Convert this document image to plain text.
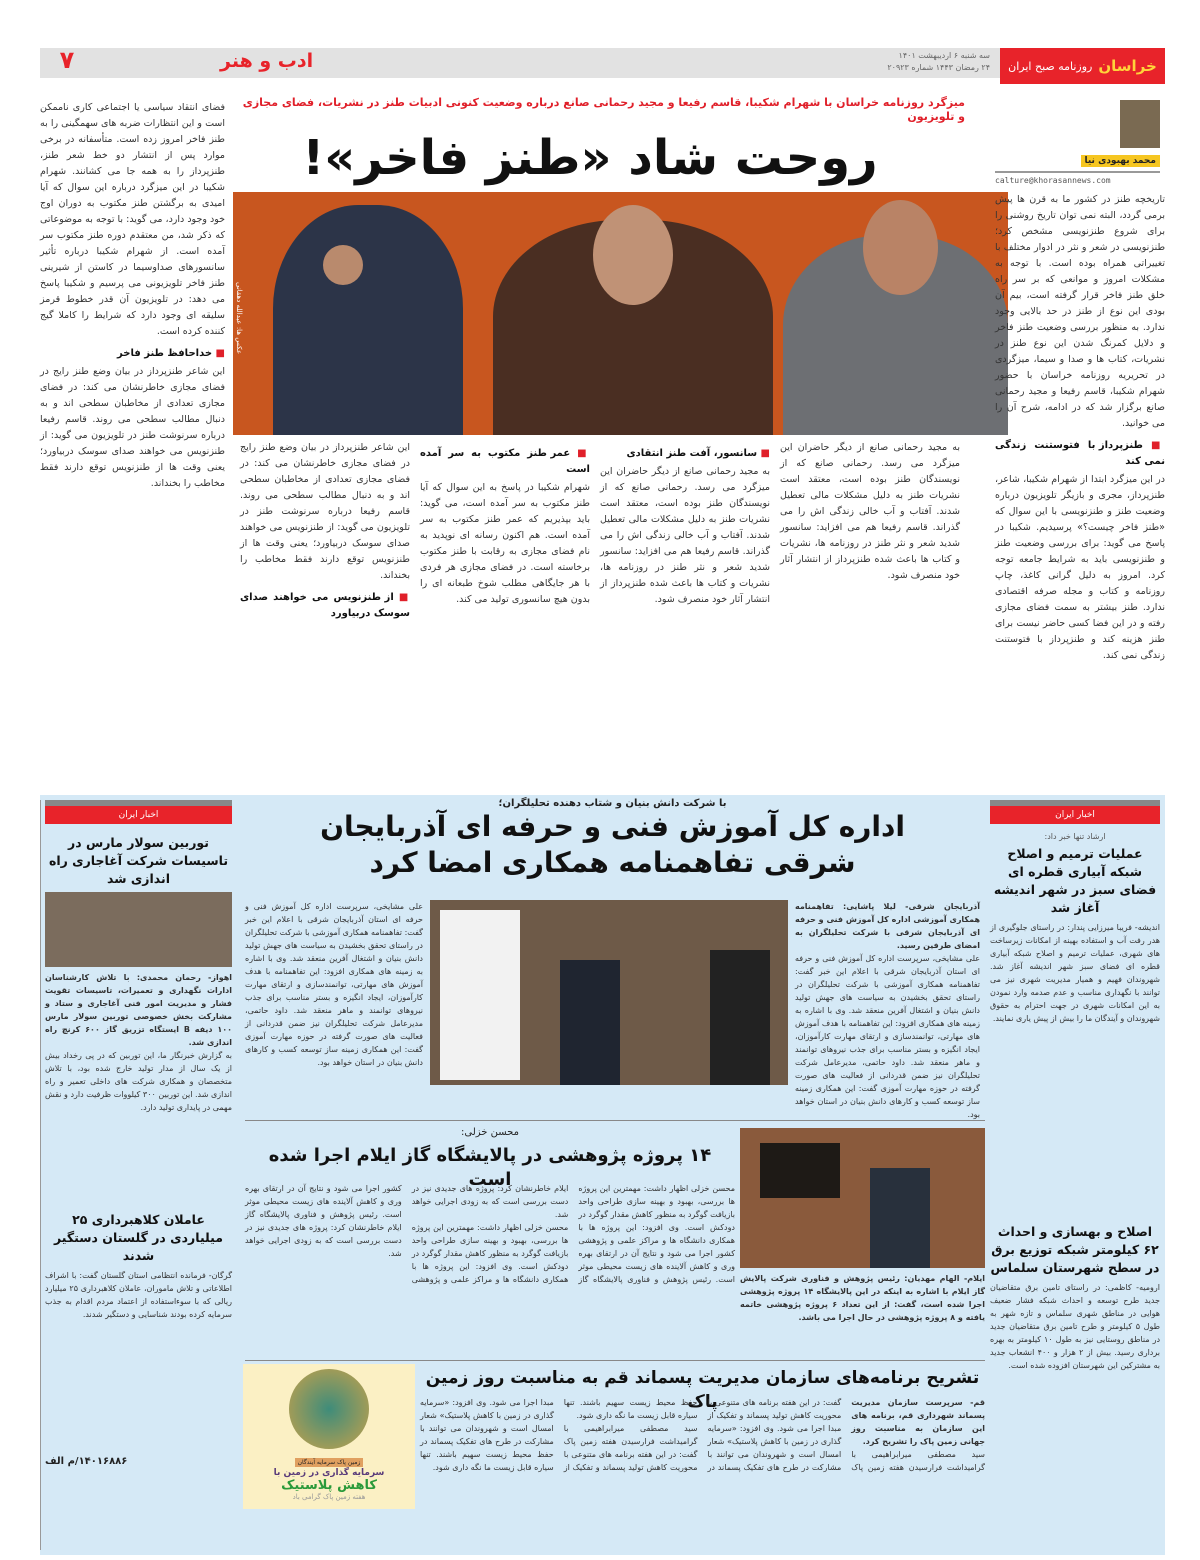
خراسان
روزنامه صبح ایران
سه شنبه ۶ اردیبهشت ۱۴۰۱
۲۴ رمضان ۱۴۴۳ شماره ۲۰۹۲۳
ادب و هنر
۷
میزگرد روزنامه خراسان با شهرام شکیبا، قاسم رفیعا و مجید رحمانی صانع درباره وضعیت کنونی ادبیات طنز در نشریات، فضای مجازی و تلویزیون
روحت شاد «طنز فاخر»!	محمد بهبودی نیا
calture@khorasannews.com
عکس ها: عبدالله دهقانی

تاریخچه طنز در کشور ما به قرن ها پیش برمی گردد، البته نمی توان تاریخ روشنی را برای شروع طنزنویسی مشخص کرد؛ طنزنویسی در شعر و نثر در ادوار مختلف با تغییراتی همراه بوده است. با توجه به مشکلات امروز و موانعی که بر سر راه خلق طنز فاخر قرار گرفته است، بیم آن بودی این نوع از طنز در حد بالایی وجود ندارد. به منظور بررسی وضعیت طنز فاخر و دلایل کمرنگ شدن این نوع طنز در نشریات، کتاب ها و صدا و سیما، میزگردی در تحریریه روزنامه خراسان با حضور شهرام شکیبا، قاسم رفیعا و مجید رحمانی صانع برگزار شد که در ادامه، شرح آن را می خوانید.

■ طنزپرداز با فتوستنت زندگی نمی کند

در این میزگرد ابتدا از شهرام شکیبا، شاعر، طنزپرداز، مجری و بازیگر تلویزیون درباره وضعیت طنز و طنزنویسی با این سوال که «طنز فاخر چیست؟» پرسیدیم. شکیبا در پاسخ می گوید: برای بررسی وضعیت طنز و طنزنویسی باید به شرایط جامعه توجه کرد. امروز به دلیل گرانی کاغذ، چاپ روزنامه و کتاب و مجله صرفه اقتصادی ندارد. طنز بیشتر به سمت فضای مجازی رفته و در این فضا کسی حاضر نیست برای طنز هزینه کند و طنزپرداز با فتوستنت زندگی نمی کند.

به مجید رحمانی صانع از دیگر حاضران این میزگرد می رسد. رحمانی صانع که از نویسندگان طنز بوده است، معتقد است نشریات طنز به دلیل مشکلات مالی تعطیل شدند. آفتاب و آب خالی زندگی اش را می گذراند. قاسم رفیعا هم می افزاید: سانسور شدید شعر و نثر طنز در روزنامه ها، نشریات و کتاب ها باعث شده طنزپرداز از انتشار آثار خود منصرف شود.

■ سانسور، آفت طنز انتقادی

به مجید رحمانی صانع از دیگر حاضران این میزگرد می رسد. رحمانی صانع که از نویسندگان طنز بوده است، معتقد است نشریات طنز به دلیل مشکلات مالی تعطیل شدند. آفتاب و آب خالی زندگی اش را می گذراند. قاسم رفیعا هم می افزاید: سانسور شدید شعر و نثر طنز در روزنامه ها، نشریات و کتاب ها باعث شده طنزپرداز از انتشار آثار خود منصرف شود.

■ عمر طنز مکتوب به سر آمده است

شهرام شکیبا در پاسخ به این سوال که آیا طنز مکتوب به سر آمده است، می گوید: باید بپذیریم که عمر طنز مکتوب به سر آمده است. هم اکنون رسانه ای نوپدید به نام فضای مجازی به رقابت با طنز مکتوب برخاسته است. در فضای مجازی هر فردی با هر جایگاهی مطلب شوخ طبعانه ای را بدون هیچ سانسوری تولید می کند.

این شاعر طنزپرداز در بیان وضع طنز رایج در فضای مجازی خاطرنشان می کند: در فضای مجازی تعدادی از مخاطبان سطحی اند و به دنبال مطالب سطحی می روند. قاسم رفیعا درباره سرنوشت طنز در تلویزیون می گوید: از طنزنویس می خواهند صدای سوسک دربیاورد؛ یعنی وقت ها از طنزنویس توقع دارند فقط مخاطب را بخنداند.

■ از طنزنویس می خواهند صدای سوسک دربیاورد

فضای انتقاد سیاسی یا اجتماعی کاری ناممکن است و این انتظارات ضربه های سهمگینی را به طنز فاخر امروز زده است. متأسفانه در برخی موارد پس از انتشار دو خط شعر طنز، طنزپرداز را به همه جا می کشانند. شهرام شکیبا در این میزگرد درباره این سوال که آیا امیدی به برگشتن طنز مکتوب به دوران اوج خود وجود دارد، می گوید: با توجه به موضوعاتی که ذکر شد، من معتقدم دوره طنز مکتوب سر آمده است. از شهرام شکیبا درباره تأثیر سانسورهای صداوسیما در کاستن از شیرینی طنز فاخر تلویزیونی می پرسیم و شکیبا پاسخ می دهد: در تلویزیون آن قدر خطوط قرمز سلیقه ای وجود دارد که شرایط را کاملا گیج کننده کرده است.

■ خداحافظ طنز فاخر

این شاعر طنزپرداز در بیان وضع طنز رایج در فضای مجازی خاطرنشان می کند: در فضای مجازی تعدادی از مخاطبان سطحی اند و به دنبال مطالب سطحی می روند. قاسم رفیعا درباره سرنوشت طنز در تلویزیون می گوید: از طنزنویس می خواهند صدای سوسک دربیاورد؛ یعنی وقت ها از طنزنویس توقع دارند فقط مخاطب را بخنداند.

اخبار ایران
ارشاد تنها خبر داد:
عملیات ترمیم و اصلاح شبکه آبیاری قطره ای فضای سبز در شهر اندیشه آغاز شد
اندیشه- فریبا میرزایی پندار: در راستای جلوگیری از هدر رفت آب و استفاده بهینه از امکانات زیرساخت های شهری، عملیات ترمیم و اصلاح شبکه آبیاری قطره ای فضای سبز شهر اندیشه آغاز شد. شهروندان فهیم و همیار مدیریت شهری نیز می توانند با نگهداری مناسب و عدم صدمه وارد نمودن به این امکانات شهری در جهت احترام به حقوق شهروندان و آیندگان ما را بیش از پیش یاری نمایند.
اصلاح و بهسازی و احداث ۶۲ کیلومتر شبکه توزیع برق در سطح شهرستان سلماس
ارومیه- کاظمی: در راستای تامین برق متقاضیان جدید طرح توسعه و احداث شبکه فشار ضعیف هوایی در مناطق شهری سلماس و تازه شهر به طول ۵ کیلومتر و طرح تامین برق متقاضیان جدید در مناطق روستایی نیز به طول ۱۰ کیلومتر به بهره برداری رسید. بیش از ۲ هزار و ۴۰۰ انشعاب جدید به مشترکین این شهرستان افزوده شده است.
اخبار ایران
توربین سولار مارس در تاسیسات شرکت آغاجاری راه اندازی شد
اهواز- رحمان محمدی: با تلاش کارشناسان ادارات نگهداری و تعمیرات، تاسیسات تقویت فشار و مدیریت امور فنی آغاجاری و ستاد و مشارکت بخش خصوصی توربین سولار مارس ۱۰۰ دیفه B ایستگاه تزریق گاز ۶۰۰ کرنچ راه اندازی شد.
به گزارش خبرنگار ما، این توربین که در پی رخداد بیش از یک سال از مدار تولید خارج شده بود، با تلاش متخصصان و همکاری شرکت های داخلی تعمیر و راه اندازی شد. این توربین ۳۰۰ کیلووات ظرفیت دارد و نقش مهمی در پایداری تولید دارد.
عاملان کلاهبرداری ۲۵ میلیاردی در گلستان دستگیر شدند
گرگان- فرمانده انتظامی استان گلستان گفت: با اشراف اطلاعاتی و تلاش ماموران، عاملان کلاهبرداری ۲۵ میلیارد ریالی که با سوءاستفاده از اعتماد مردم اقدام به جذب سرمایه کرده بودند شناسایی و دستگیر شدند.
۱۴۰۱۶۸۸۶/م الف
با شرکت دانش بنیان و شتاب دهنده تحلیلگران؛
اداره کل آموزش فنی و حرفه ای آذربایجان شرقی تفاهمنامه همکاری امضا کرد

آذربایجان شرقی- لیلا پاشایی: تفاهمنامه همکاری آموزشی اداره کل آموزش فنی و حرفه ای آذربایجان شرقی با شرکت تحلیلگران به امضای طرفین رسید.

علی مشایخی، سرپرست اداره کل آموزش فنی و حرفه ای استان آذربایجان شرقی با اعلام این خبر گفت: تفاهمنامه همکاری آموزشی با شرکت تحلیلگران در راستای تحقق بخشیدن به سیاست های جهش تولید دانش بنیان و اشتغال آفرین منعقد شد. وی با اشاره به زمینه های همکاری افزود: این تفاهمنامه با هدف آموزش های مهارتی، توانمندسازی و ارتقای مهارت کارآموزان، ایجاد انگیزه و بستر مناسب برای جذب نیروهای توانمند و ماهر منعقد شد. داود حاتمی، مدیرعامل شرکت تحلیلگران نیز ضمن قدردانی از فعالیت های صورت گرفته در حوزه مهارت آموزی گفت: این همکاری زمینه ساز توسعه کسب و کارهای دانش بنیان در استان خواهد بود.

علی مشایخی، سرپرست اداره کل آموزش فنی و حرفه ای استان آذربایجان شرقی با اعلام این خبر گفت: تفاهمنامه همکاری آموزشی با شرکت تحلیلگران در راستای تحقق بخشیدن به سیاست های جهش تولید دانش بنیان و اشتغال آفرین منعقد شد. وی با اشاره به زمینه های همکاری افزود: این تفاهمنامه با هدف آموزش های مهارتی، توانمندسازی و ارتقای مهارت کارآموزان، ایجاد انگیزه و بستر مناسب برای جذب نیروهای توانمند و ماهر منعقد شد. داود حاتمی، مدیرعامل شرکت تحلیلگران نیز ضمن قدردانی از فعالیت های صورت گرفته در حوزه مهارت آموزی گفت: این همکاری زمینه ساز توسعه کسب و کارهای دانش بنیان در استان خواهد بود.
محسن خزلی:
۱۴ پروژه پژوهشی در پالایشگاه گاز ایلام اجرا شده است

ایلام- الهام مهدیان: رئیس پژوهش و فناوری شرکت پالایش گاز ایلام با اشاره به اینکه در این پالایشگاه ۱۴ پروژه پژوهشی اجرا شده است، گفت: از این تعداد ۶ پروژه پژوهشی خاتمه یافته و ۸ پروژه پژوهشی در حال اجرا می باشد.

محسن خزلی اظهار داشت: مهمترین این پروژه ها بررسی، بهبود و بهینه سازی طراحی واحد بازیافت گوگرد به منظور کاهش مقدار گوگرد در دودکش است. وی افزود: این پروژه ها با همکاری دانشگاه ها و مراکز علمی و پژوهشی کشور اجرا می شود و نتایج آن در ارتقای بهره وری و کاهش آلاینده های زیست محیطی موثر است. رئیس پژوهش و فناوری پالایشگاه گاز ایلام خاطرنشان کرد: پروژه های جدیدی نیز در دست بررسی است که به زودی اجرایی خواهد شد.

محسن خزلی اظهار داشت: مهمترین این پروژه ها بررسی، بهبود و بهینه سازی طراحی واحد بازیافت گوگرد به منظور کاهش مقدار گوگرد در دودکش است. وی افزود: این پروژه ها با همکاری دانشگاه ها و مراکز علمی و پژوهشی کشور اجرا می شود و نتایج آن در ارتقای بهره وری و کاهش آلاینده های زیست محیطی موثر است. رئیس پژوهش و فناوری پالایشگاه گاز ایلام خاطرنشان کرد: پروژه های جدیدی نیز در دست بررسی است که به زودی اجرایی خواهد شد.

تشریح برنامه‌های سازمان مدیریت پسماند قم به مناسبت روز زمین پاک	قم- سرپرست سازمان مدیریت پسماند شهرداری قم، برنامه های این سازمان به مناسبت روز جهانی زمین پاک را تشریح کرد.

سید مصطفی میرابراهیمی با گرامیداشت فرارسیدن هفته زمین پاک گفت: در این هفته برنامه های متنوعی با محوریت کاهش تولید پسماند و تفکیک از مبدا اجرا می شود. وی افزود: «سرمایه گذاری در زمین با کاهش پلاستیک» شعار امسال است و شهروندان می توانند با مشارکت در طرح های تفکیک پسماند در حفظ محیط زیست سهیم باشند. تنها سیاره قابل زیست ما نگه داری شود.

سید مصطفی میرابراهیمی با گرامیداشت فرارسیدن هفته زمین پاک گفت: در این هفته برنامه های متنوعی با محوریت کاهش تولید پسماند و تفکیک از مبدا اجرا می شود. وی افزود: «سرمایه گذاری در زمین با کاهش پلاستیک» شعار امسال است و شهروندان می توانند با مشارکت در طرح های تفکیک پسماند در حفظ محیط زیست سهیم باشند. تنها سیاره قابل زیست ما نگه داری شود.

زمین پاک سرمایه آیندگان
سرمایه گذاری در زمین با
کاهش پلاستیک
هفته زمین پاک گرامی باد
